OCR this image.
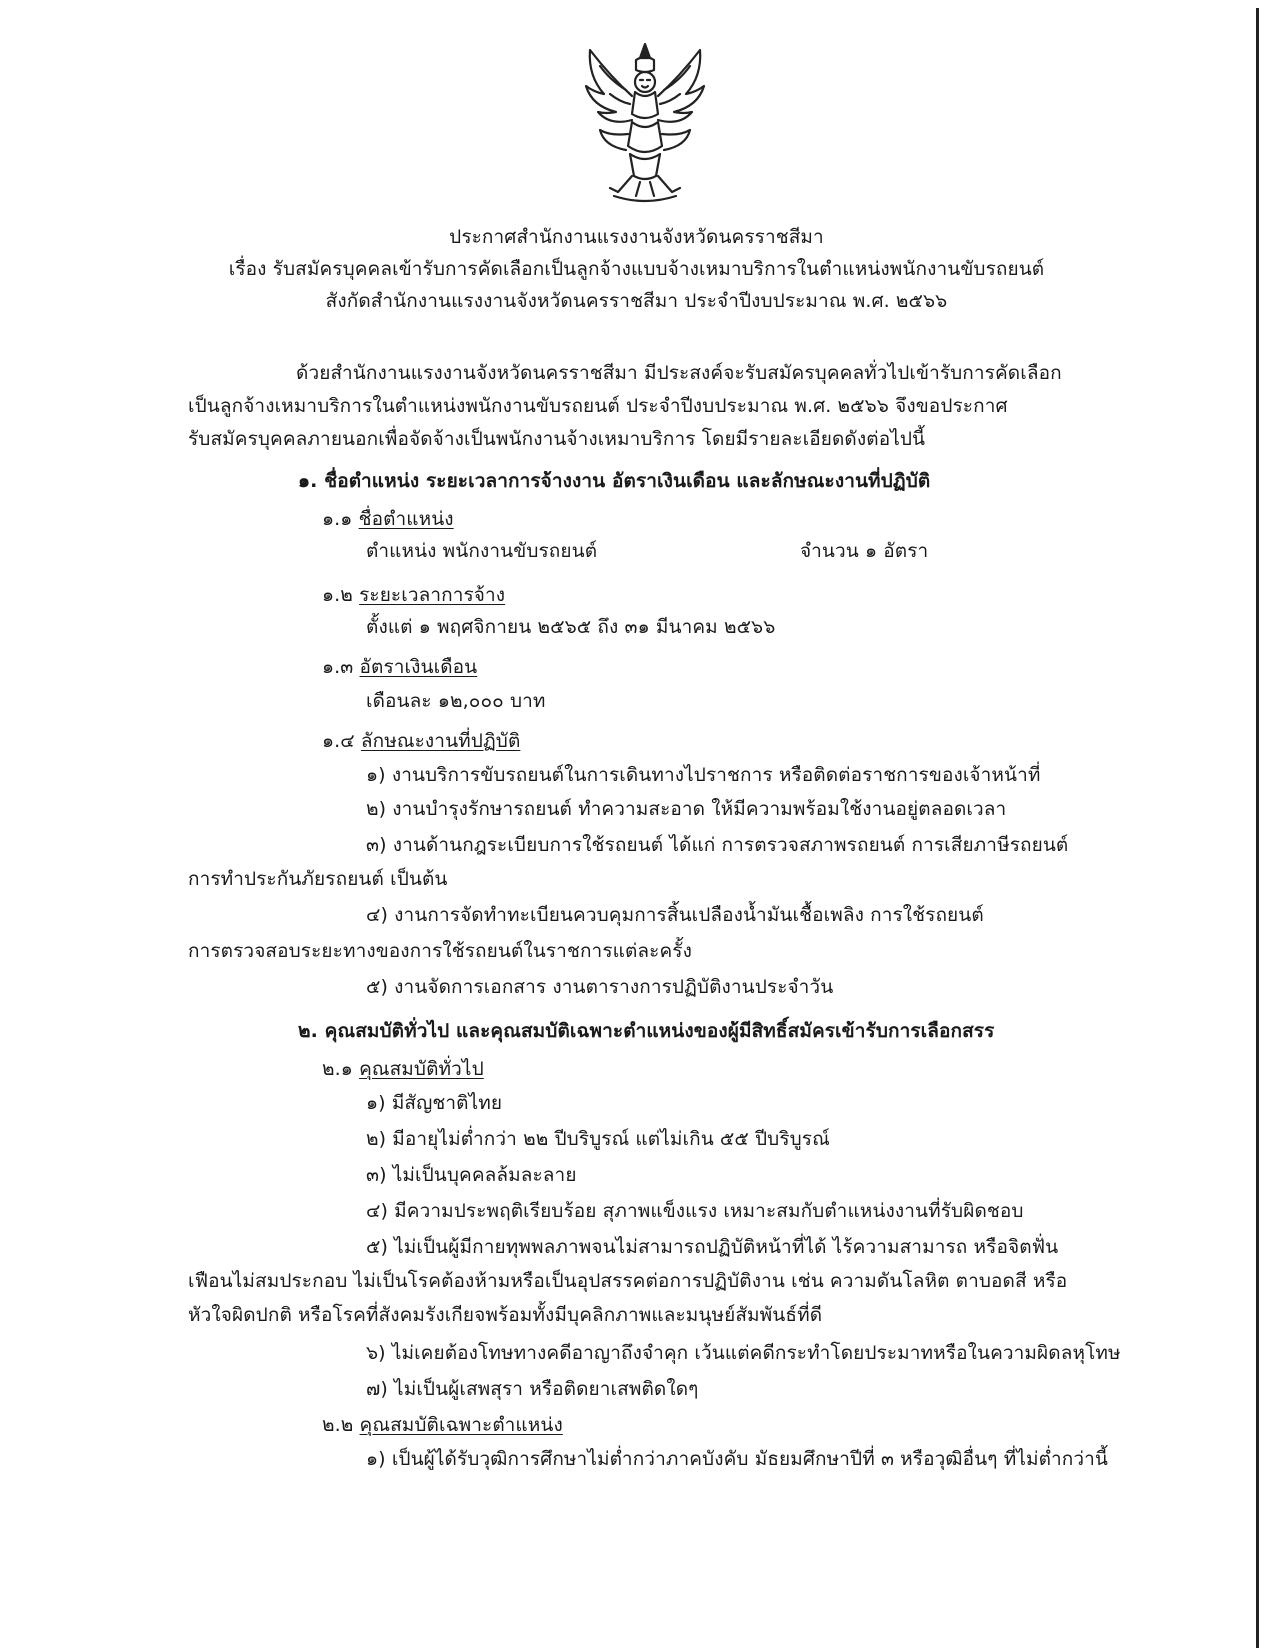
ประกาศสำนักงานแรงงานจังหวัดนครราชสีมา
เรื่อง รับสมัครบุคคลเข้ารับการคัดเลือกเป็นลูกจ้างแบบจ้างเหมาบริการในตำแหน่งพนักงานขับรถยนต์
สังกัดสำนักงานแรงงานจังหวัดนครราชสีมา ประจำปีงบประมาณ พ.ศ. ๒๕๖๖
ด้วยสำนักงานแรงงานจังหวัดนครราชสีมา มีประสงค์จะรับสมัครบุคคลทั่วไปเข้ารับการคัดเลือก
เป็นลูกจ้างเหมาบริการในตำแหน่งพนักงานขับรถยนต์ ประจำปีงบประมาณ พ.ศ. ๒๕๖๖ จึงขอประกาศ
รับสมัครบุคคลภายนอกเพื่อจัดจ้างเป็นพนักงานจ้างเหมาบริการ โดยมีรายละเอียดดังต่อไปนี้
๑. ชื่อตำแหน่ง ระยะเวลาการจ้างงาน อัตราเงินเดือน และลักษณะงานที่ปฏิบัติ
๑.๑ ชื่อตำแหน่ง
ตำแหน่ง พนักงานขับรถยนต์	จำนวน ๑ อัตรา
๑.๒ ระยะเวลาการจ้าง
ตั้งแต่ ๑ พฤศจิกายน ๒๕๖๕ ถึง ๓๑ มีนาคม ๒๕๖๖
๑.๓ อัตราเงินเดือน
เดือนละ ๑๒,๐๐๐ บาท
๑.๔ ลักษณะงานที่ปฏิบัติ
๑) งานบริการขับรถยนต์ในการเดินทางไปราชการ หรือติดต่อราชการของเจ้าหน้าที่
๒) งานบำรุงรักษารถยนต์ ทำความสะอาด ให้มีความพร้อมใช้งานอยู่ตลอดเวลา
๓) งานด้านกฎระเบียบการใช้รถยนต์ ได้แก่ การตรวจสภาพรถยนต์ การเสียภาษีรถยนต์
การทำประกันภัยรถยนต์ เป็นต้น
๔) งานการจัดทำทะเบียนควบคุมการสิ้นเปลืองน้ำมันเชื้อเพลิง การใช้รถยนต์
การตรวจสอบระยะทางของการใช้รถยนต์ในราชการแต่ละครั้ง
๕) งานจัดการเอกสาร งานตารางการปฏิบัติงานประจำวัน
๒. คุณสมบัติทั่วไป และคุณสมบัติเฉพาะตำแหน่งของผู้มีสิทธิ์สมัครเข้ารับการเลือกสรร
๒.๑ คุณสมบัติทั่วไป
๑) มีสัญชาติไทย
๒) มีอายุไม่ต่ำกว่า ๒๒ ปีบริบูรณ์ แต่ไม่เกิน ๕๕ ปีบริบูรณ์
๓) ไม่เป็นบุคคลล้มละลาย
๔) มีความประพฤติเรียบร้อย สุภาพแข็งแรง เหมาะสมกับตำแหน่งงานที่รับผิดชอบ
๕) ไม่เป็นผู้มีกายทุพพลภาพจนไม่สามารถปฏิบัติหน้าที่ได้ ไร้ความสามารถ หรือจิตฟั่น
เฟือนไม่สมประกอบ ไม่เป็นโรคต้องห้ามหรือเป็นอุปสรรคต่อการปฏิบัติงาน เช่น ความดันโลหิต ตาบอดสี หรือ
หัวใจผิดปกติ หรือโรคที่สังคมรังเกียจพร้อมทั้งมีบุคลิกภาพและมนุษย์สัมพันธ์ที่ดี
๖) ไม่เคยต้องโทษทางคดีอาญาถึงจำคุก เว้นแต่คดีกระทำโดยประมาทหรือในความผิดลหุโทษ
๗) ไม่เป็นผู้เสพสุรา หรือติดยาเสพติดใดๆ
๒.๒ คุณสมบัติเฉพาะตำแหน่ง
๑) เป็นผู้ได้รับวุฒิการศึกษาไม่ต่ำกว่าภาคบังคับ มัธยมศึกษาปีที่ ๓ หรือวุฒิอื่นๆ ที่ไม่ต่ำกว่านี้
